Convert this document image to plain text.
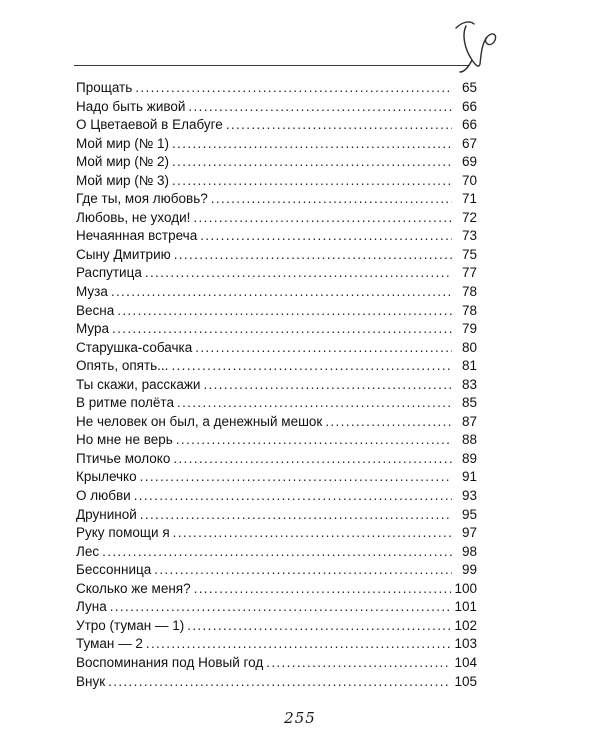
Прощать . . .	65
Надо быть живой . . .	66
О Цветаевой в Елабуге . . .	66
Мой мир (№ 1) . . .	67
Мой мир (№ 2) . . .	69
Мой мир (№ 3) . . .	70
Где ты, моя любовь? . . .	71
Любовь, не уходи! . . .	72
Нечаянная встреча . . .	73
Сыну Дмитрию . . .	75
Распутица . . .	77
Муза . . .	78
Весна . . .	78
Мура . . .	79
Старушка-собачка . . .	80
Опять, опять... . . .	81
Ты скажи, расскажи . . .	83
В ритме полёта . . .	85
Не человек он был, а денежный мешок . . .	87
Но мне не верь . . .	88
Птичье молоко . . .	89
Крылечко . . .	91
О любви . . .	93
Друниной . . .	95
Руку помощи я . . .	97
Лес . . .	98
Бессонница . . .	99
Сколько же меня? . . .	100
Луна . . .	101
Утро (туман — 1) . . .	102
Туман — 2 . . .	103
Воспоминания под Новый год . . .	104
Внук . . .	105
255
